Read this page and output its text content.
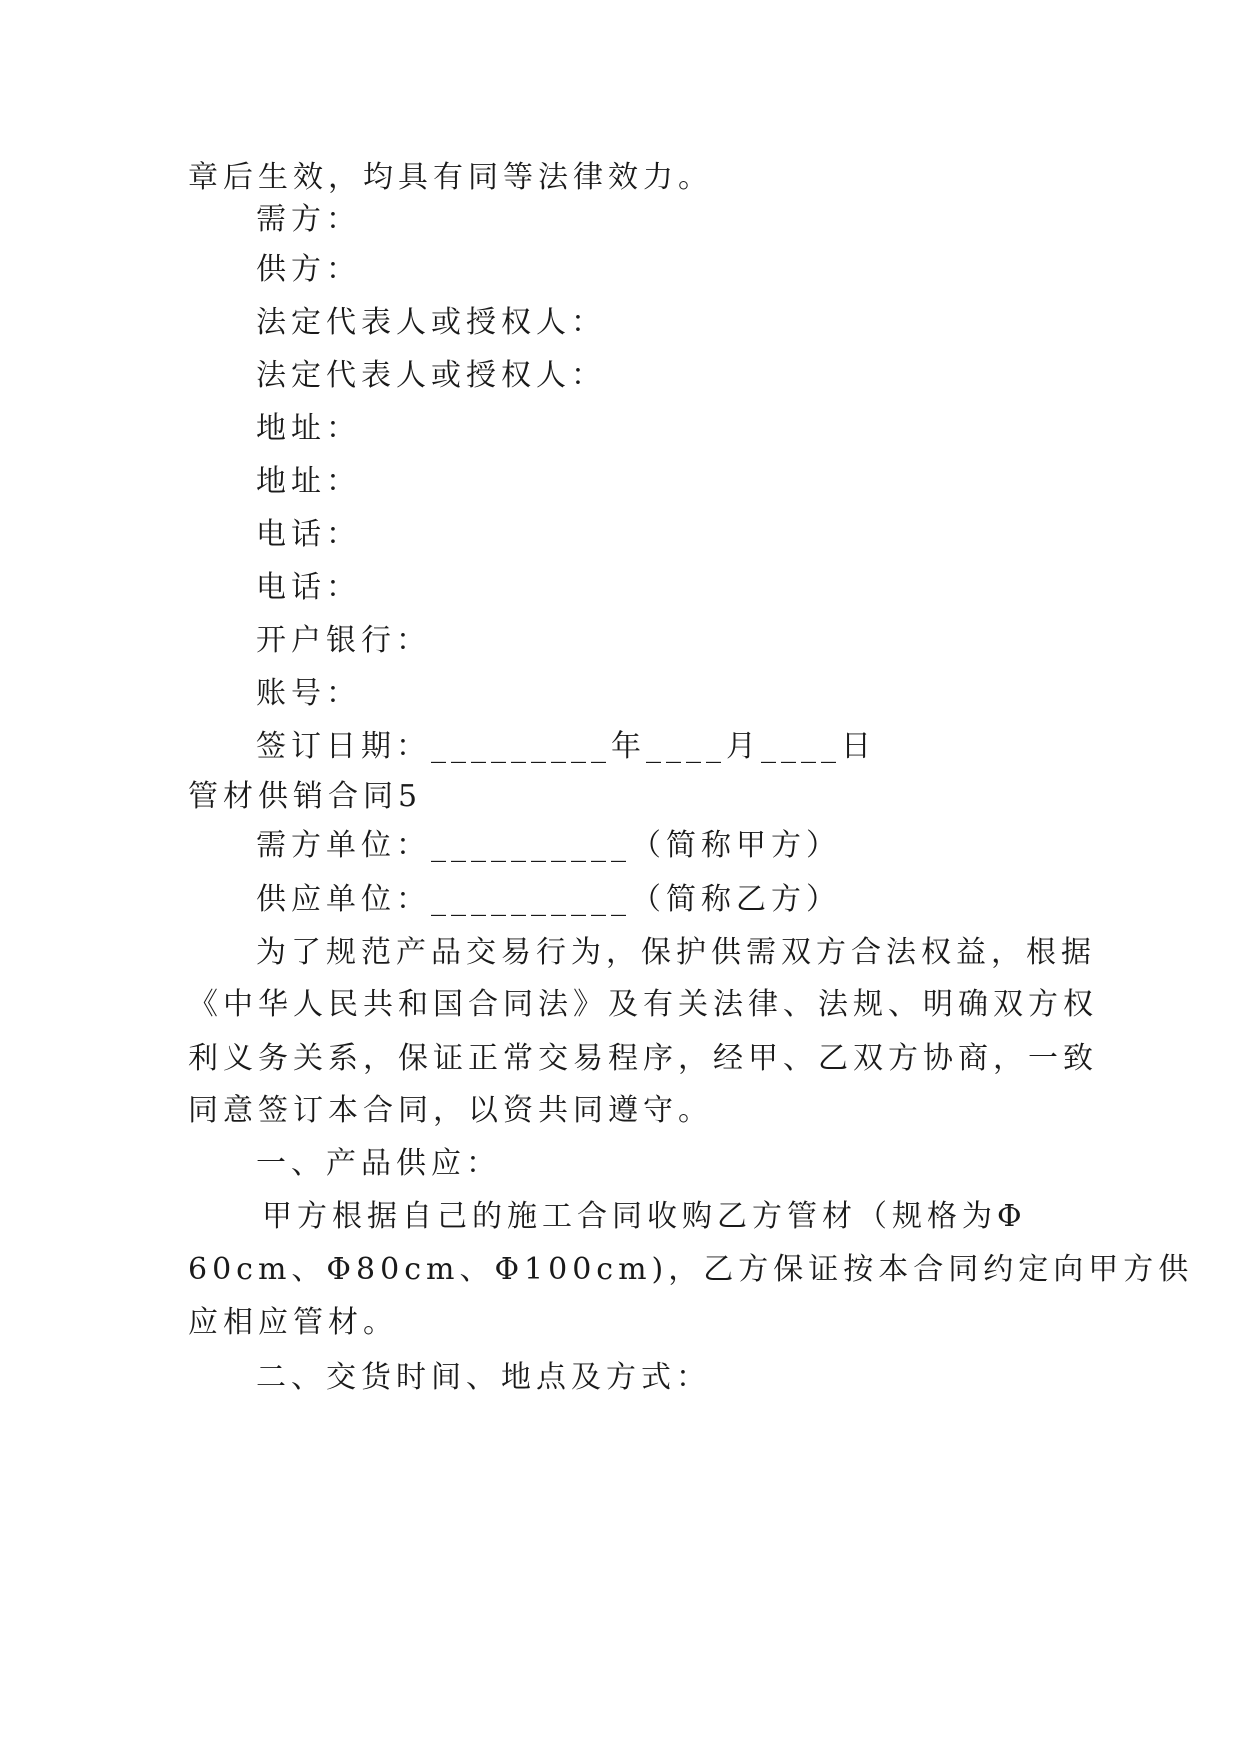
章后生效，均具有同等法律效力。
需方：
供方：
法定代表人或授权人：
法定代表人或授权人：
地址：
地址：
电话：
电话：
开户银行：
账号：
签订日期：_________年____月____日
管材供销合同5
需方单位：__________（简称甲方）
供应单位：__________（简称乙方）
为了规范产品交易行为，保护供需双方合法权益，根据
《中华人民共和国合同法》及有关法律、法规、明确双方权
利义务关系，保证正常交易程序，经甲、乙双方协商，一致
同意签订本合同，以资共同遵守。
一、产品供应：
甲方根据自己的施工合同收购乙方管材（规格为Φ
60cm、Φ80cm、Φ100cm)，乙方保证按本合同约定向甲方供
应相应管材。
二、交货时间、地点及方式：
